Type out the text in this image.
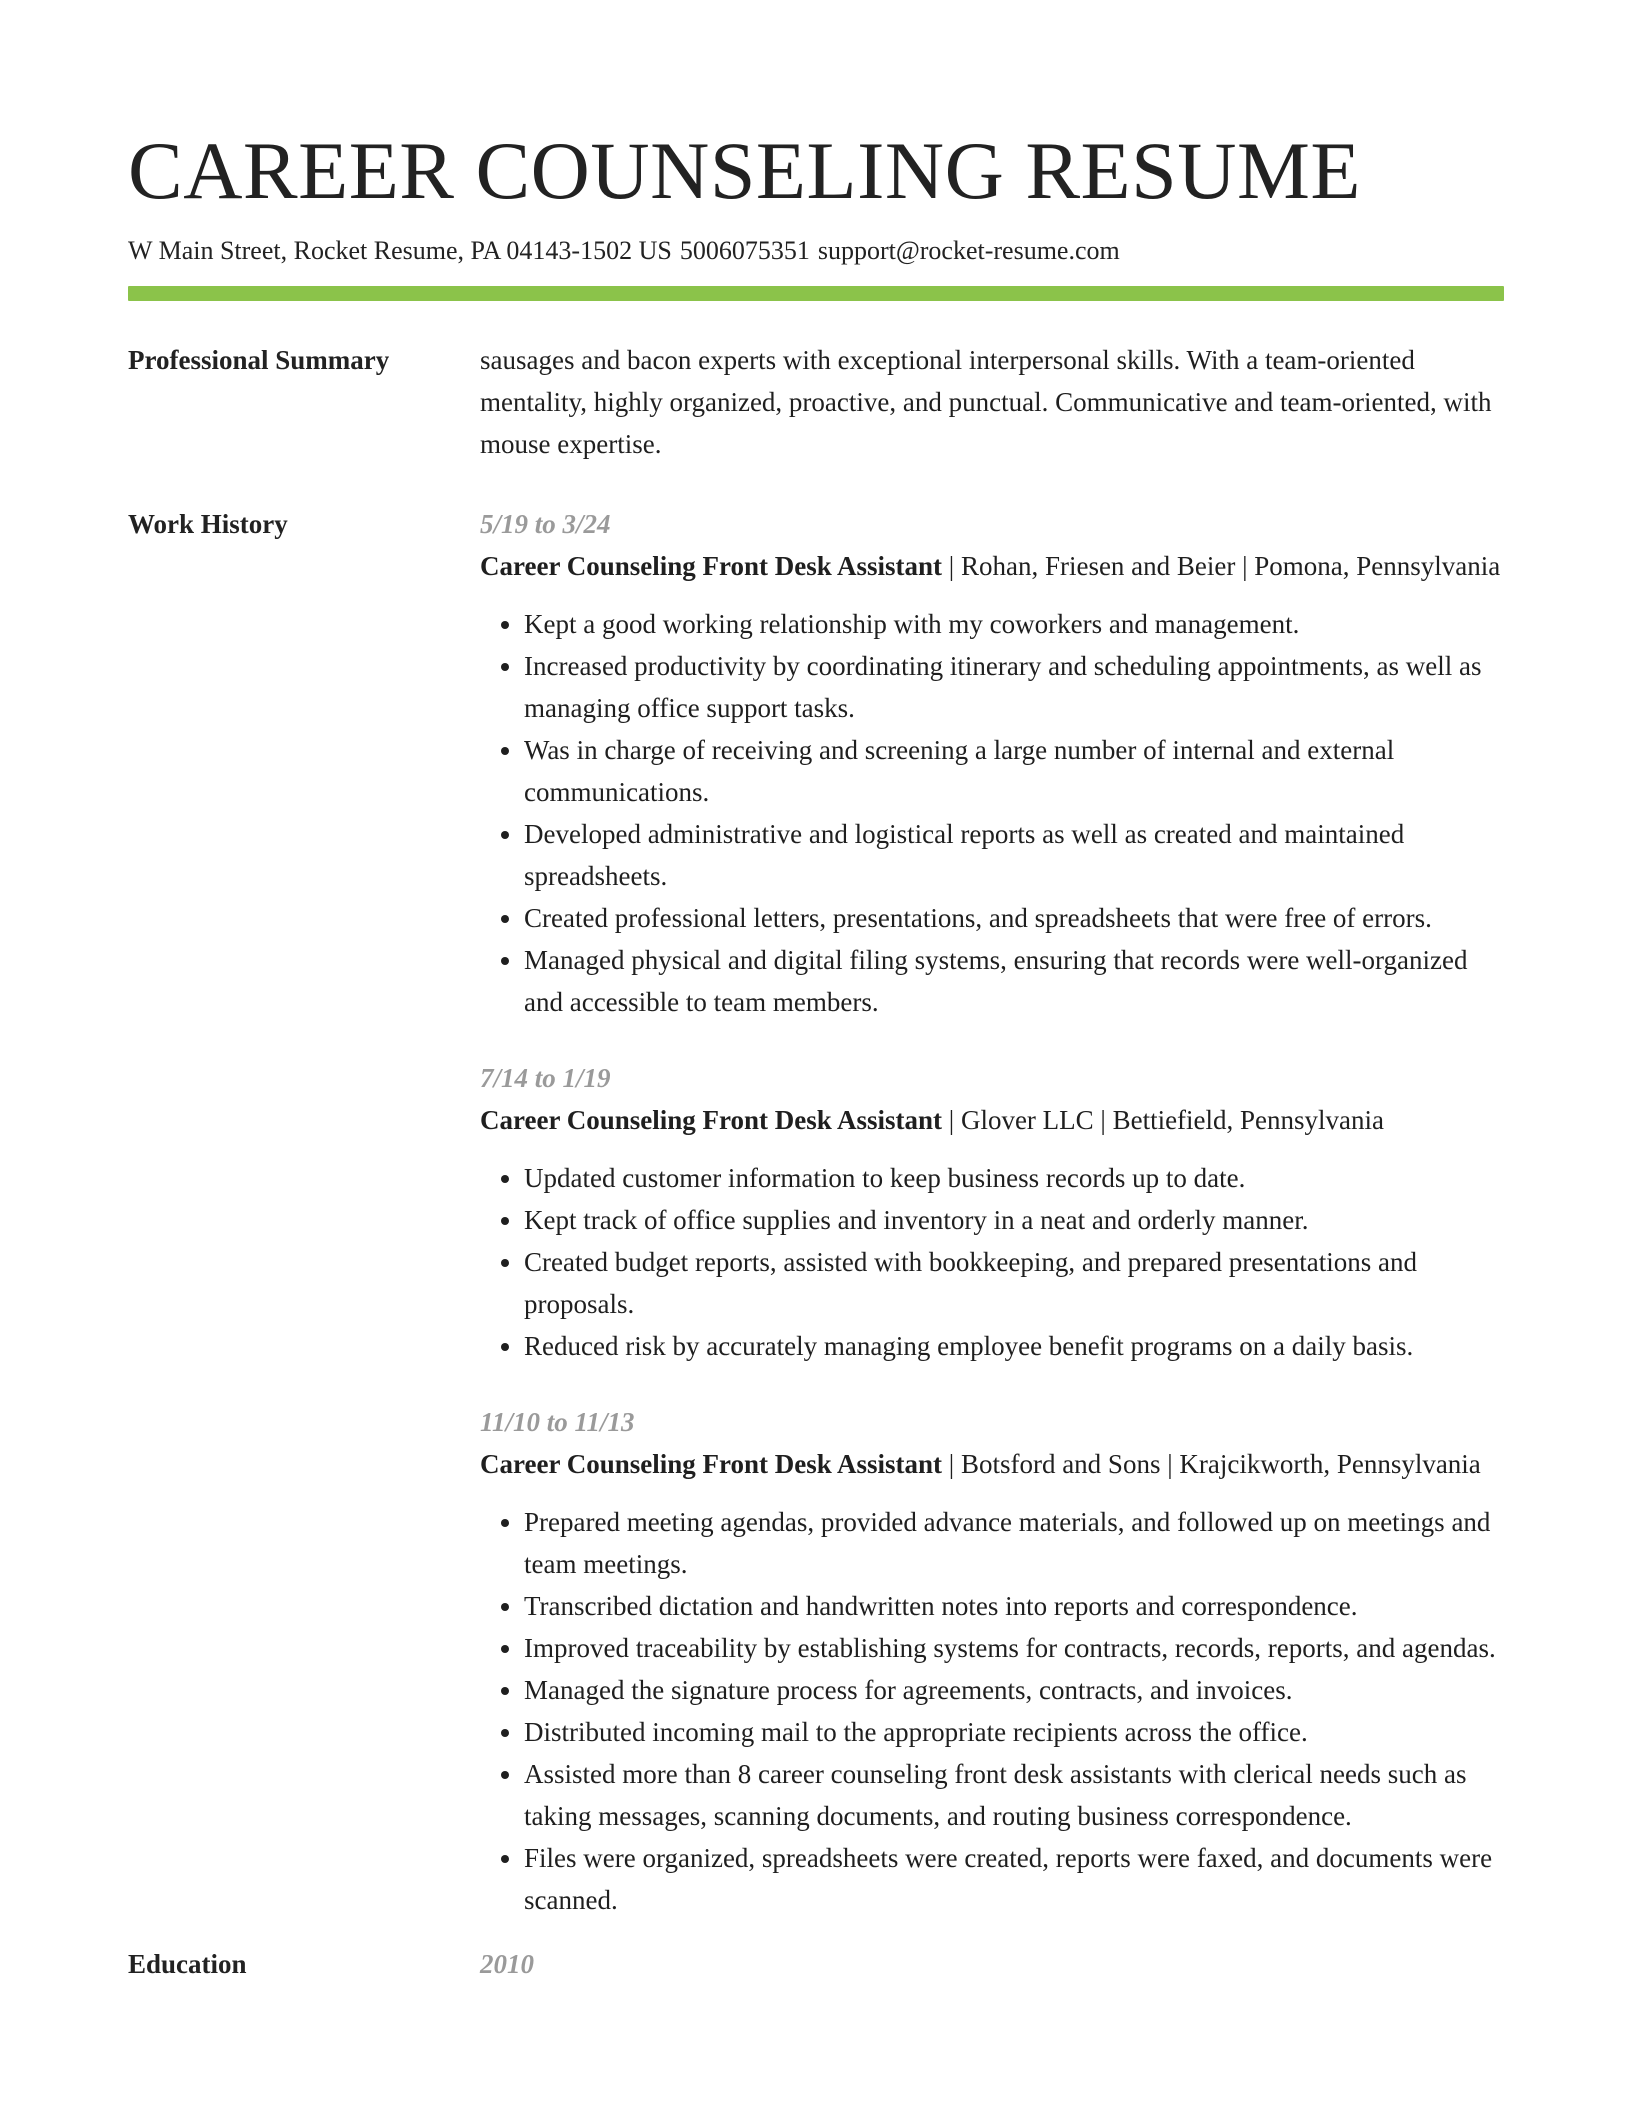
CAREER COUNSELING RESUME
W Main Street, Rocket Resume, PA 04143-1502 US 5006075351 support@rocket-resume.com
Professional Summary	sausages and bacon experts with exceptional interpersonal skills. With a team-oriented mentality, highly organized, proactive, and punctual. Communicative and team-oriented, with mouse expertise.

Work History	5/19 to 3/24

Career Counseling Front Desk Assistant | Rohan, Friesen and Beier | Pomona, Pennsylvania

• Kept a good working relationship with my coworkers and management.
• Increased productivity by coordinating itinerary and scheduling appointments, as well as managing office support tasks.
• Was in charge of receiving and screening a large number of internal and external communications.
• Developed administrative and logistical reports as well as created and maintained spreadsheets.
• Created professional letters, presentations, and spreadsheets that were free of errors.
• Managed physical and digital filing systems, ensuring that records were well-organized and accessible to team members.
7/14 to 1/19

Career Counseling Front Desk Assistant | Glover LLC | Bettiefield, Pennsylvania

• Updated customer information to keep business records up to date.
• Kept track of office supplies and inventory in a neat and orderly manner.
• Created budget reports, assisted with bookkeeping, and prepared presentations and proposals.
• Reduced risk by accurately managing employee benefit programs on a daily basis.
11/10 to 11/13

Career Counseling Front Desk Assistant | Botsford and Sons | Krajcikworth, Pennsylvania

• Prepared meeting agendas, provided advance materials, and followed up on meetings and team meetings.
• Transcribed dictation and handwritten notes into reports and correspondence.
• Improved traceability by establishing systems for contracts, records, reports, and agendas.
• Managed the signature process for agreements, contracts, and invoices.
• Distributed incoming mail to the appropriate recipients across the office.
• Assisted more than 8 career counseling front desk assistants with clerical needs such as taking messages, scanning documents, and routing business correspondence.
• Files were organized, spreadsheets were created, reports were faxed, and documents were scanned.
Education	2010
